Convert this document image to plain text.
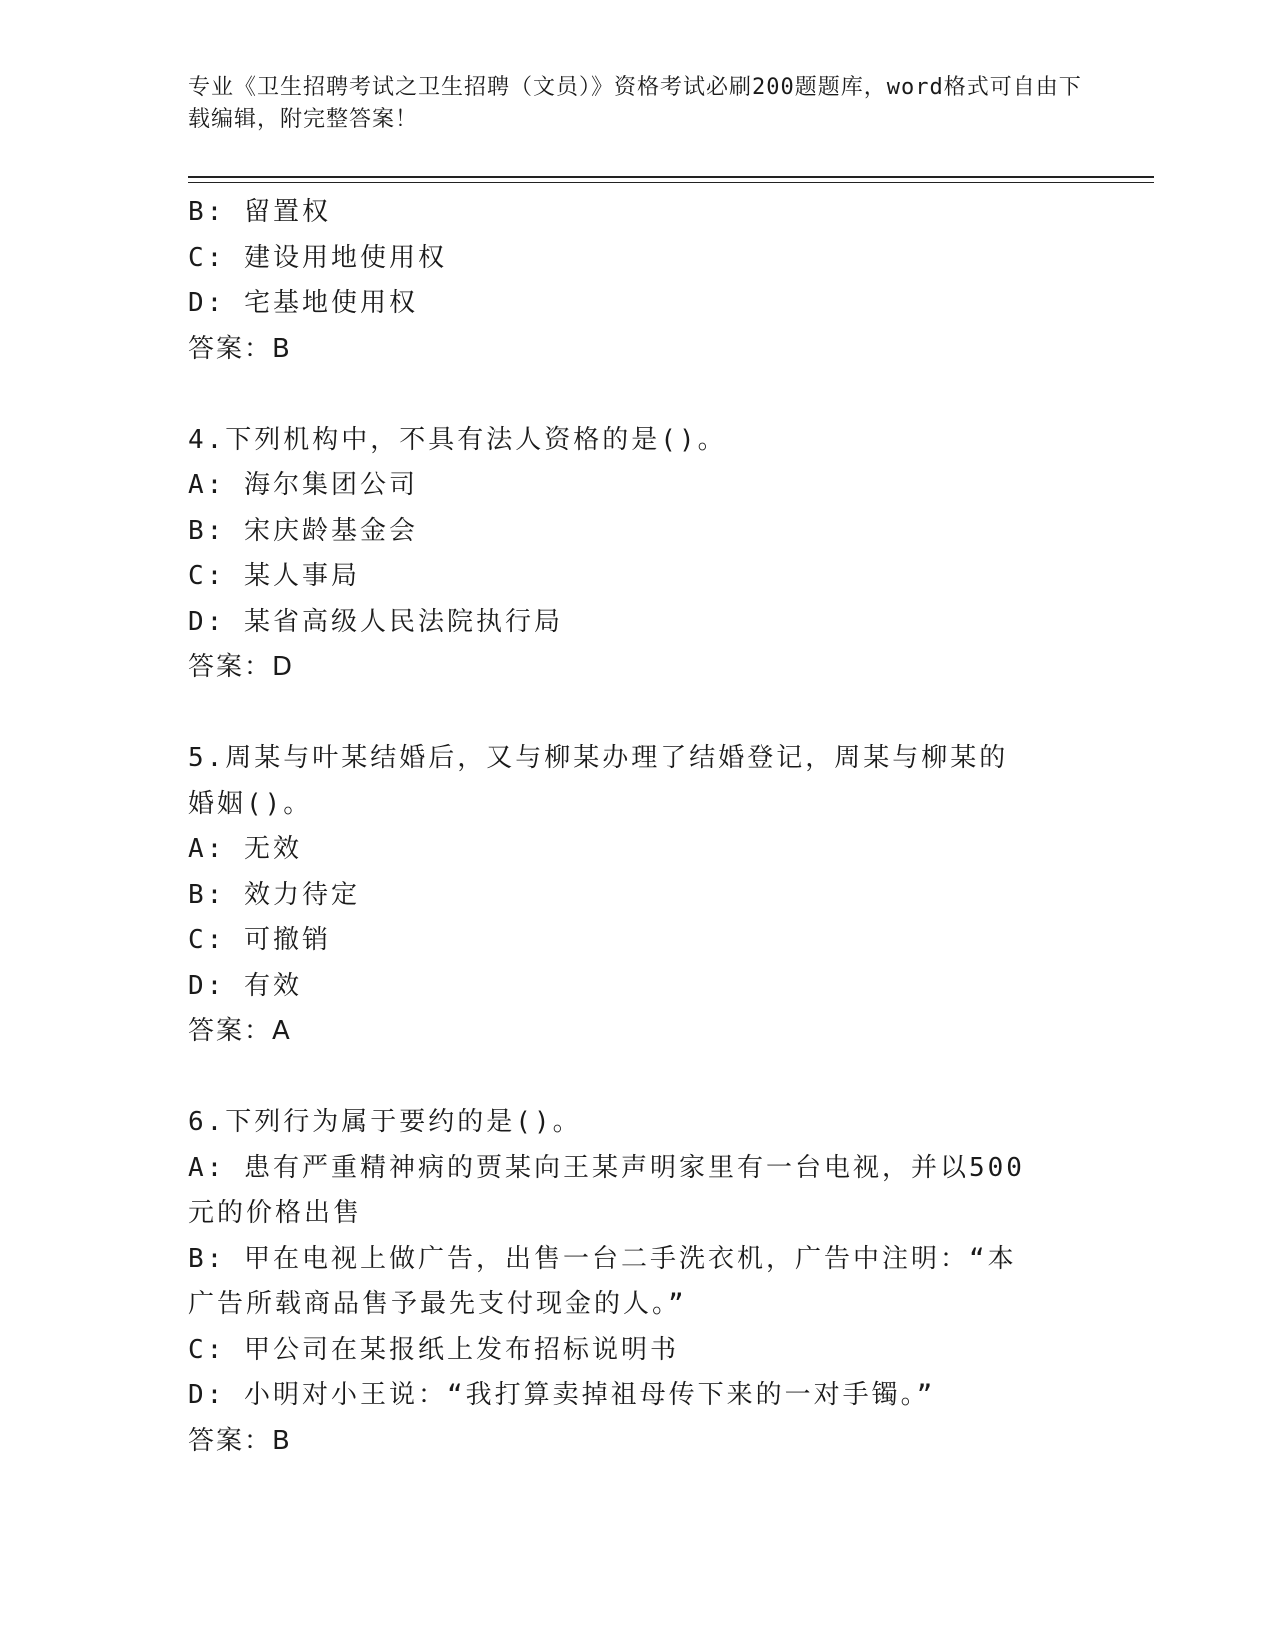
专业《卫生招聘考试之卫生招聘（文员）》资格考试必刷200题题库，word格式可自由下载编辑，附完整答案！
B: 留置权
C: 建设用地使用权
D: 宅基地使用权
答案：B
4.下列机构中，不具有法人资格的是()。
A: 海尔集团公司
B: 宋庆龄基金会
C: 某人事局
D: 某省高级人民法院执行局
答案：D
5.周某与叶某结婚后，又与柳某办理了结婚登记，周某与柳某的婚姻()。
A: 无效
B: 效力待定
C: 可撤销
D: 有效
答案：A
6.下列行为属于要约的是()。
A: 患有严重精神病的贾某向王某声明家里有一台电视，并以500元的价格出售
B: 甲在电视上做广告，出售一台二手洗衣机，广告中注明：“本广告所载商品售予最先支付现金的人。”
C: 甲公司在某报纸上发布招标说明书
D: 小明对小王说：“我打算卖掉祖母传下来的一对手镯。”
答案：B
